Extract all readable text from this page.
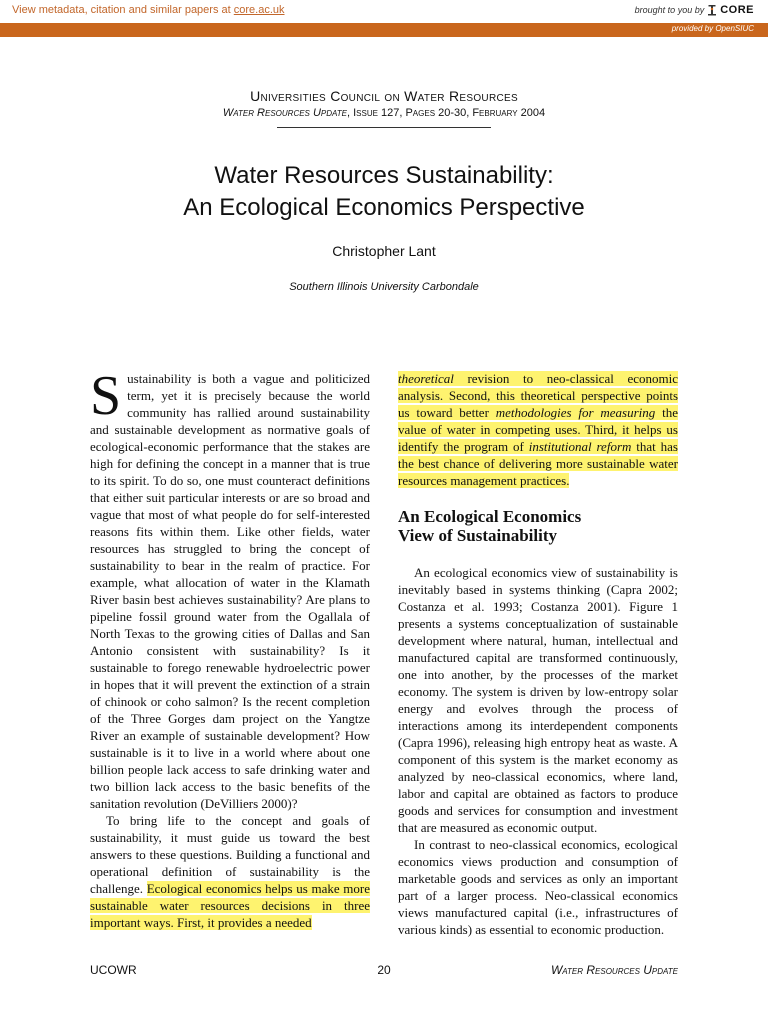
View metadata, citation and similar papers at core.ac.uk	brought to you by CORE
provided by OpenSIUC
Universities Council on Water Resources
Water Resources Update, Issue 127, Pages 20-30, February 2004
Water Resources Sustainability:
An Ecological Economics Perspective
Christopher Lant
Southern Illinois University Carbondale

Sustainability is both a vague and politicized term, yet it is precisely because the world community has rallied around sustainability and sustainable development as normative goals of ecological-economic performance that the stakes are high for defining the concept in a manner that is true to its spirit. To do so, one must counteract definitions that either suit particular interests or are so broad and vague that most of what people do for self-interested reasons fits within them. Like other fields, water resources has struggled to bring the concept of sustainability to bear in the realm of practice. For example, what allocation of water in the Klamath River basin best achieves sustainability? Are plans to pipeline fossil ground water from the Ogallala of North Texas to the growing cities of Dallas and San Antonio consistent with sustainability? Is it sustainable to forego renewable hydroelectric power in hopes that it will prevent the extinction of a strain of chinook or coho salmon? Is the recent completion of the Three Gorges dam project on the Yangtze River an example of sustainable development? How sustainable is it to live in a world where about one billion people lack access to safe drinking water and two billion lack access to the basic benefits of the sanitation revolution (DeVilliers 2000)?

To bring life to the concept and goals of sustainability, it must guide us toward the best answers to these questions. Building a functional and operational definition of sustainability is the challenge. Ecological economics helps us make more sustainable water resources decisions in three important ways. First, it provides a needed

theoretical revision to neo-classical economic analysis. Second, this theoretical perspective points us toward better methodologies for measuring the value of water in competing uses. Third, it helps us identify the program of institutional reform that has the best chance of delivering more sustainable water resources management practices.

An Ecological Economics
View of Sustainability

An ecological economics view of sustainability is inevitably based in systems thinking (Capra 2002; Costanza et al. 1993; Costanza 2001). Figure 1 presents a systems conceptualization of sustainable development where natural, human, intellectual and manufactured capital are transformed continuously, one into another, by the processes of the market economy. The system is driven by low-entropy solar energy and evolves through the process of interactions among its interdependent components (Capra 1996), releasing high entropy heat as waste. A component of this system is the market economy as analyzed by neo-classical economics, where land, labor and capital are obtained as factors to produce goods and services for consumption and investment that are measured as economic output.

In contrast to neo-classical economics, ecological economics views production and consumption of marketable goods and services as only an important part of a larger process. Neo-classical economics views manufactured capital (i.e., infrastructures of various kinds) as essential to economic production.

UCOWR	20	Water Resources Update
